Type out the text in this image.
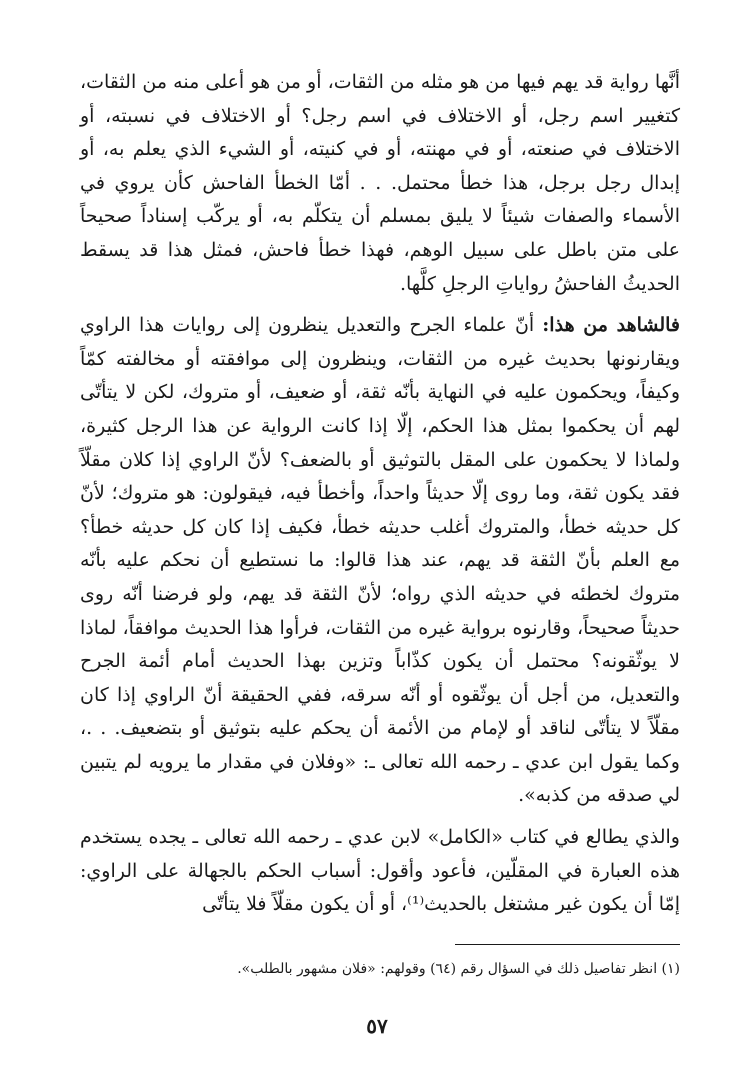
أنَّها رواية قد يهم فيها من هو مثله من الثقات، أو من هو أعلى منه من الثقات، كتغيير اسم رجل، أو الاختلاف في اسم رجل؟ أو الاختلاف في نسبته، أو الاختلاف في صنعته، أو في مهنته، أو في كنيته، أو الشيء الذي يعلم به، أو إبدال رجل برجل، هذا خطأ محتمل. . . أمّا الخطأ الفاحش كأن يروي في الأسماء والصفات شيئاً لا يليق بمسلم أن يتكلّم به، أو يركّب إسناداً صحيحاً على متن باطل على سبيل الوهم، فهذا خطأ فاحش، فمثل هذا قد يسقط الحديثُ الفاحشُ رواياتِ الرجلِ كلَّها.

فالشاهد من هذا: أنّ علماء الجرح والتعديل ينظرون إلى روايات هذا الراوي ويقارنونها بحديث غيره من الثقات، وينظرون إلى موافقته أو مخالفته كمّاً وكيفاً، ويحكمون عليه في النهاية بأنّه ثقة، أو ضعيف، أو متروك، لكن لا يتأتّى لهم أن يحكموا بمثل هذا الحكم، إلّا إذا كانت الرواية عن هذا الرجل كثيرة، ولماذا لا يحكمون على المقل بالتوثيق أو بالضعف؟ لأنّ الراوي إذا كلان مقلّاً فقد يكون ثقة، وما روى إلّا حديثاً واحداً، وأخطأ فيه، فيقولون: هو متروك؛ لأنّ كل حديثه خطأ، والمتروك أغلب حديثه خطأ، فكيف إذا كان كل حديثه خطأ؟ مع العلم بأنّ الثقة قد يهم، عند هذا قالوا: ما نستطيع أن نحكم عليه بأنّه متروك لخطئه في حديثه الذي رواه؛ لأنّ الثقة قد يهم، ولو فرضنا أنّه روى حديثاً صحيحاً، وقارنوه برواية غيره من الثقات، فرأوا هذا الحديث موافقاً، لماذا لا يوثّقونه؟ محتمل أن يكون كذّاباً وتزين بهذا الحديث أمام أئمة الجرح والتعديل، من أجل أن يوثّقوه أو أنّه سرقه، ففي الحقيقة أنّ الراوي إذا كان مقلّاً لا يتأتّى لناقد أو لإمام من الأئمة أن يحكم عليه بتوثيق أو بتضعيف. . .، وكما يقول ابن عدي ـ رحمه الله تعالى ـ: «وفلان في مقدار ما يرويه لم يتبين لي صدقه من كذبه».

والذي يطالع في كتاب «الكامل» لابن عدي ـ رحمه الله تعالى ـ يجده يستخدم هذه العبارة في المقلّين، فأعود وأقول: أسباب الحكم بالجهالة على الراوي: إمّا أن يكون غير مشتغل بالحديث⁽¹⁾، أو أن يكون مقلّاً فلا يتأتّى

(١) انظر تفاصيل ذلك في السؤال رقم (٦٤) وقولهم: «فلان مشهور بالطلب».
٥٧
